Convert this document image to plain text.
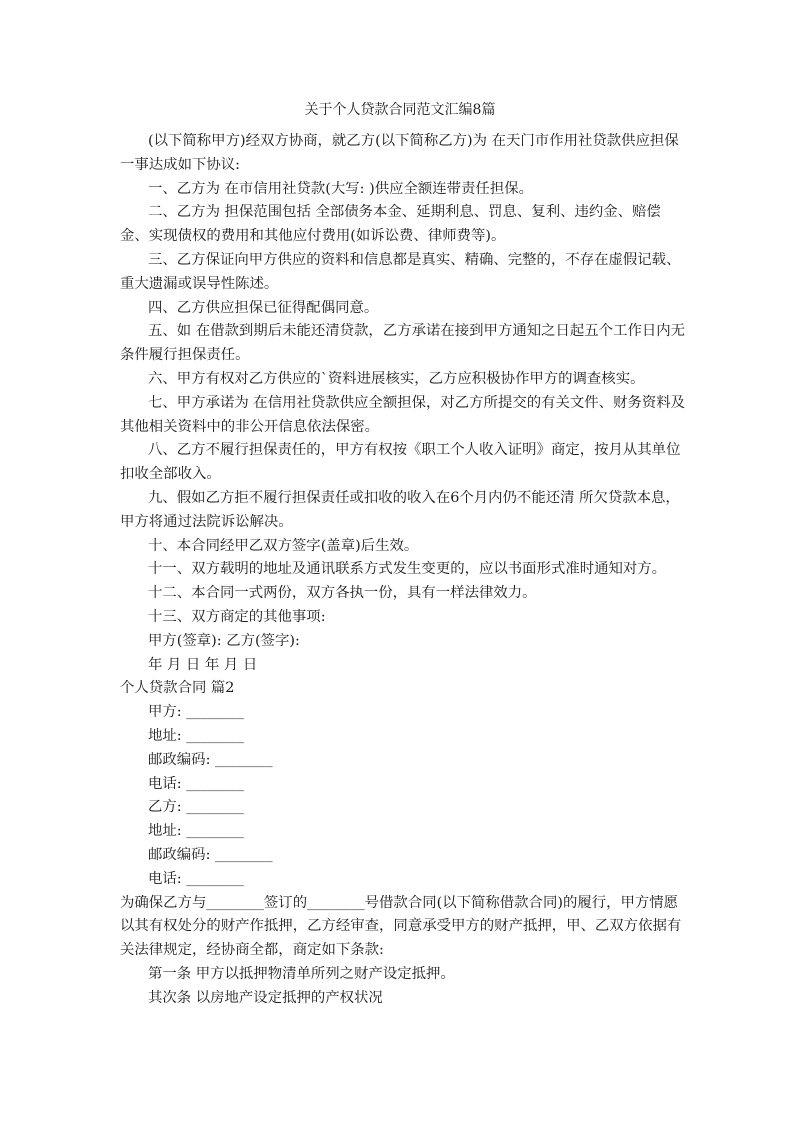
关于个人贷款合同范文汇编8篇

(以下简称甲方)经双方协商，就乙方(以下简称乙方)为 在天门市作用社贷款供应担保一事达成如下协议:

一、乙方为 在市信用社贷款(大写: )供应全额连带责任担保。

二、乙方为 担保范围包括 全部债务本金、延期利息、罚息、复利、违约金、赔偿金、实现债权的费用和其他应付费用(如诉讼费、律师费等)。

三、乙方保证向甲方供应的资料和信息都是真实、精确、完整的，不存在虚假记载、重大遗漏或误导性陈述。

四、乙方供应担保已征得配偶同意。

五、如 在借款到期后未能还清贷款，乙方承诺在接到甲方通知之日起五个工作日内无条件履行担保责任。

六、甲方有权对乙方供应的`资料进展核实，乙方应积极协作甲方的调查核实。

七、甲方承诺为 在信用社贷款供应全额担保，对乙方所提交的有关文件、财务资料及其他相关资料中的非公开信息依法保密。

八、乙方不履行担保责任的，甲方有权按《职工个人收入证明》商定，按月从其单位扣收全部收入。

九、假如乙方拒不履行担保责任或扣收的收入在6个月内仍不能还清 所欠贷款本息，甲方将通过法院诉讼解决。

十、本合同经甲乙双方签字(盖章)后生效。

十一、双方载明的地址及通讯联系方式发生变更的，应以书面形式准时通知对方。

十二、本合同一式两份，双方各执一份，具有一样法律效力。

十三、双方商定的其他事项:

甲方(签章): 乙方(签字):

年 月 日 年 月 日

个人贷款合同 篇2

甲方: ________

地址: ________

邮政编码: ________

电话: ________

乙方: ________

地址: ________

邮政编码: ________

电话: ________

为确保乙方与________签订的________号借款合同(以下简称借款合同)的履行，甲方情愿以其有权处分的财产作抵押，乙方经审查，同意承受甲方的财产抵押，甲、乙双方依据有关法律规定，经协商全都，商定如下条款:

第一条 甲方以抵押物清单所列之财产设定抵押。

其次条 以房地产设定抵押的产权状况
